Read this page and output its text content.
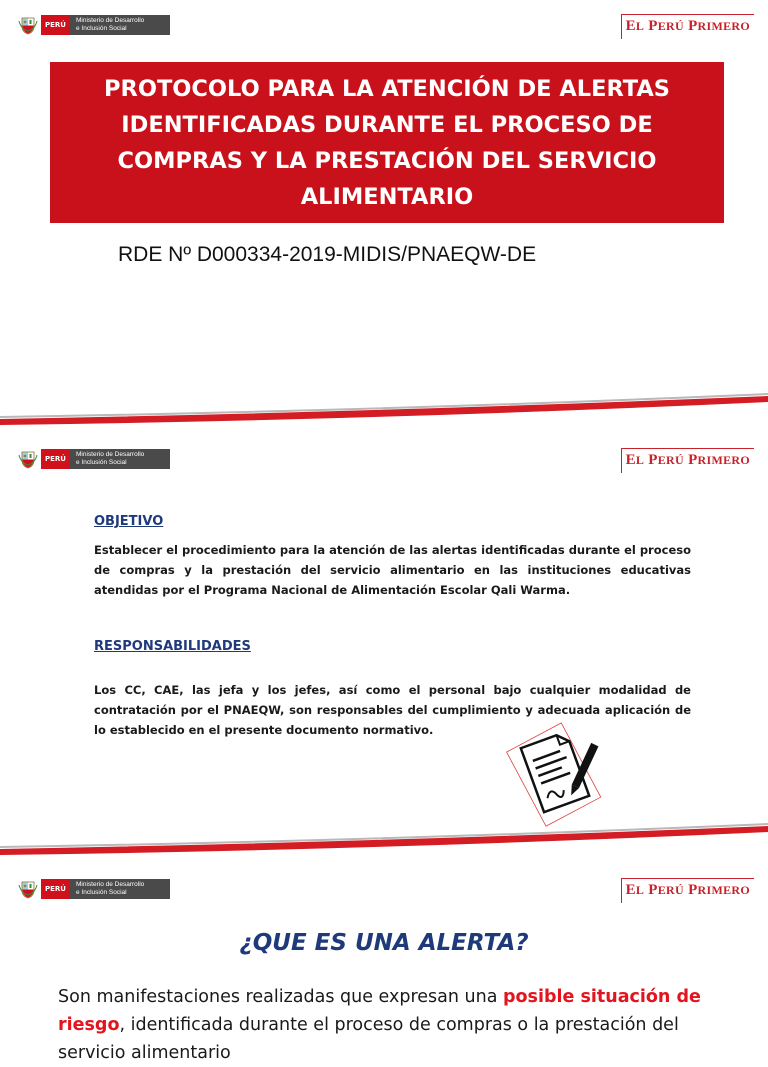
PERÚ
Ministerio de Desarrollo
e Inclusión Social	EL PERÚ PRIMERO
PROTOCOLO PARA LA ATENCIÓN DE ALERTAS IDENTIFICADAS DURANTE EL PROCESO DE COMPRAS Y LA PRESTACIÓN DEL SERVICIO ALIMENTARIO
RDE Nº D000334-2019-MIDIS/PNAEQW-DE
PERÚ
Ministerio de Desarrollo
e Inclusión Social	EL PERÚ PRIMERO
OBJETIVO
Establecer el procedimiento para la atención de las alertas identificadas durante el proceso de compras y la prestación del servicio alimentario en las instituciones educativas atendidas por el Programa Nacional de Alimentación Escolar Qali Warma.
RESPONSABILIDADES
Los CC, CAE, las jefa y los jefes, así como el personal bajo cualquier modalidad de contratación por el PNAEQW, son responsables del cumplimiento y adecuada aplicación de lo establecido en el presente documento normativo.
PERÚ
Ministerio de Desarrollo
e Inclusión Social	EL PERÚ PRIMERO
¿QUE ES UNA ALERTA?
Son manifestaciones realizadas que expresan una posible situación de riesgo, identificada durante el proceso de compras o la prestación del servicio alimentario
